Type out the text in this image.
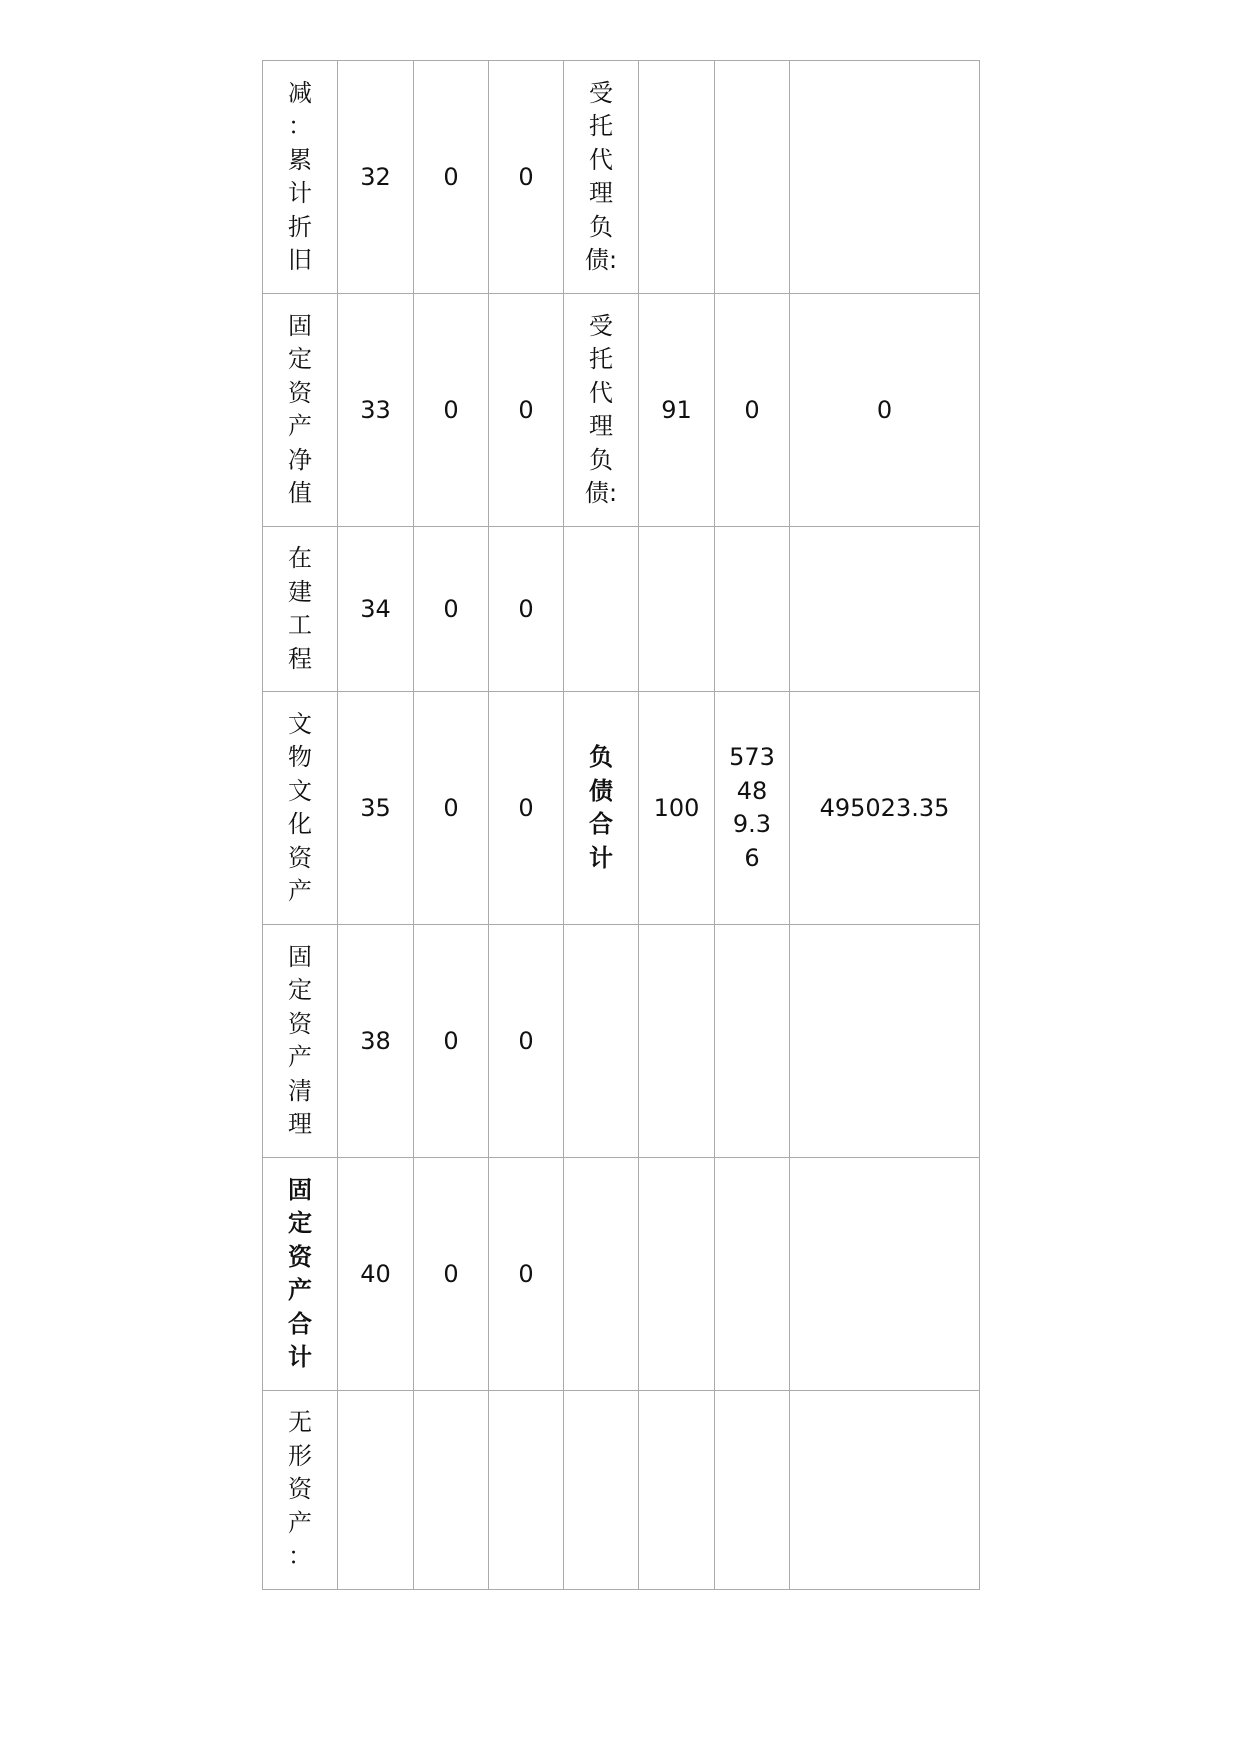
减：累计折旧	32	0	0	受托代理负债:			
固定资产净值	33	0	0	受托代理负债:	91	0	0
在建工程	34	0	0				
文物文化资产	35	0	0	负债合计	100	573489.36	495023.35
固定资产清理	38	0	0				
固定资产合计	40	0	0				
无形资产：							
